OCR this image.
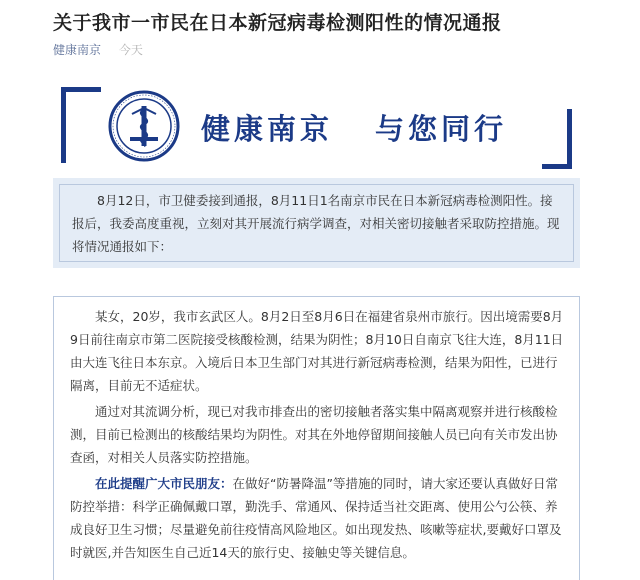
关于我市一市民在日本新冠病毒检测阳性的情况通报
健康南京 今天
健康南京 与您同行

8月12日，市卫健委接到通报，8月11日1名南京市民在日本新冠病毒检测阳性。接报后，我委高度重视，立刻对其开展流行病学调查，对相关密切接触者采取防控措施。现将情况通报如下：

某女，20岁，我市玄武区人。8月2日至8月6日在福建省泉州市旅行。因出境需要8月9日前往南京市第二医院接受核酸检测，结果为阴性；8月10日自南京飞往大连，8月11日由大连飞往日本东京。入境后日本卫生部门对其进行新冠病毒检测，结果为阳性，已进行隔离，目前无不适症状。

通过对其流调分析，现已对我市排查出的密切接触者落实集中隔离观察并进行核酸检测，目前已检测出的核酸结果均为阴性。对其在外地停留期间接触人员已向有关市发出协查函，对相关人员落实防控措施。

在此提醒广大市民朋友：在做好“防暑降温”等措施的同时，请大家还要认真做好日常防控举措：科学正确佩戴口罩，勤洗手、常通风、保持适当社交距离、使用公勺公筷、养成良好卫生习惯；尽量避免前往疫情高风险地区。如出现发热、咳嗽等症状,要戴好口罩及时就医,并告知医生自己近14天的旅行史、接触史等关键信息。
